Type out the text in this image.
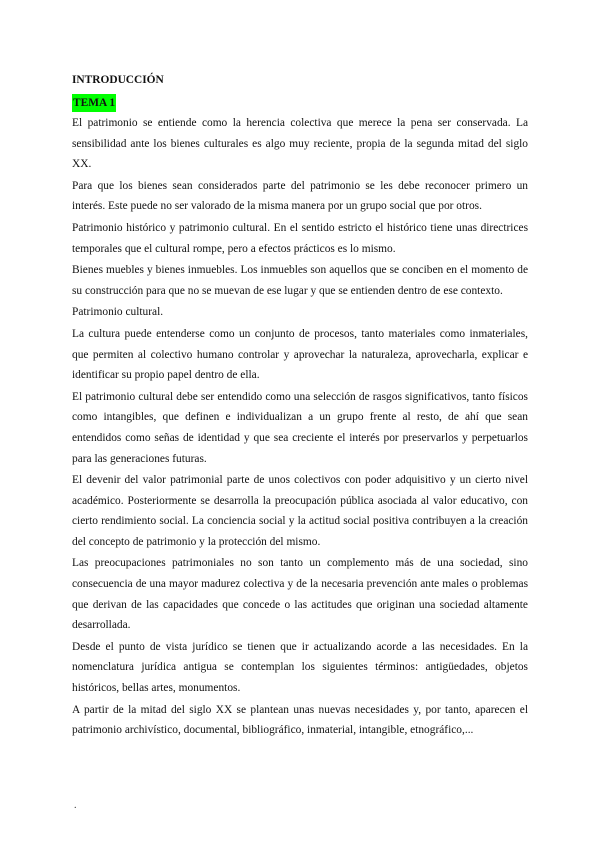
INTRODUCCIÓN
TEMA 1

El patrimonio se entiende como la herencia colectiva que merece la pena ser conservada. La sensibilidad ante los bienes culturales es algo muy reciente, propia de la segunda mitad del siglo XX.

Para que los bienes sean considerados parte del patrimonio se les debe reconocer primero un interés. Este puede no ser valorado de la misma manera por un grupo social que por otros.

Patrimonio histórico y patrimonio cultural. En el sentido estricto el histórico tiene unas directrices temporales que el cultural rompe, pero a efectos prácticos es lo mismo.

Bienes muebles y bienes inmuebles. Los inmuebles son aquellos que se conciben en el momento de su construcción para que no se muevan de ese lugar y que se entienden dentro de ese contexto.

Patrimonio cultural.

La cultura puede entenderse como un conjunto de procesos, tanto materiales como inmateriales, que permiten al colectivo humano controlar y aprovechar la naturaleza, aprovecharla, explicar e identificar su propio papel dentro de ella.

El patrimonio cultural debe ser entendido como una selección de rasgos significativos, tanto físicos como intangibles, que definen e individualizan a un grupo frente al resto, de ahí que sean entendidos como señas de identidad y que sea creciente el interés por preservarlos y perpetuarlos para las generaciones futuras.

El devenir del valor patrimonial parte de unos colectivos con poder adquisitivo y un cierto nivel académico. Posteriormente se desarrolla la preocupación pública asociada al valor educativo, con cierto rendimiento social. La conciencia social y la actitud social positiva contribuyen a la creación del concepto de patrimonio y la protección del mismo.

Las preocupaciones patrimoniales no son tanto un complemento más de una sociedad, sino consecuencia de una mayor madurez colectiva y de la necesaria prevención ante males o problemas que derivan de las capacidades que concede o las actitudes que originan una sociedad altamente desarrollada.

Desde el punto de vista jurídico se tienen que ir actualizando acorde a las necesidades. En la nomenclatura jurídica antigua se contemplan los siguientes términos: antigüedades, objetos históricos, bellas artes, monumentos.

A partir de la mitad del siglo XX se plantean unas nuevas necesidades y, por tanto, aparecen el patrimonio archivístico, documental, bibliográfico, inmaterial, intangible, etnográfico,...

.
